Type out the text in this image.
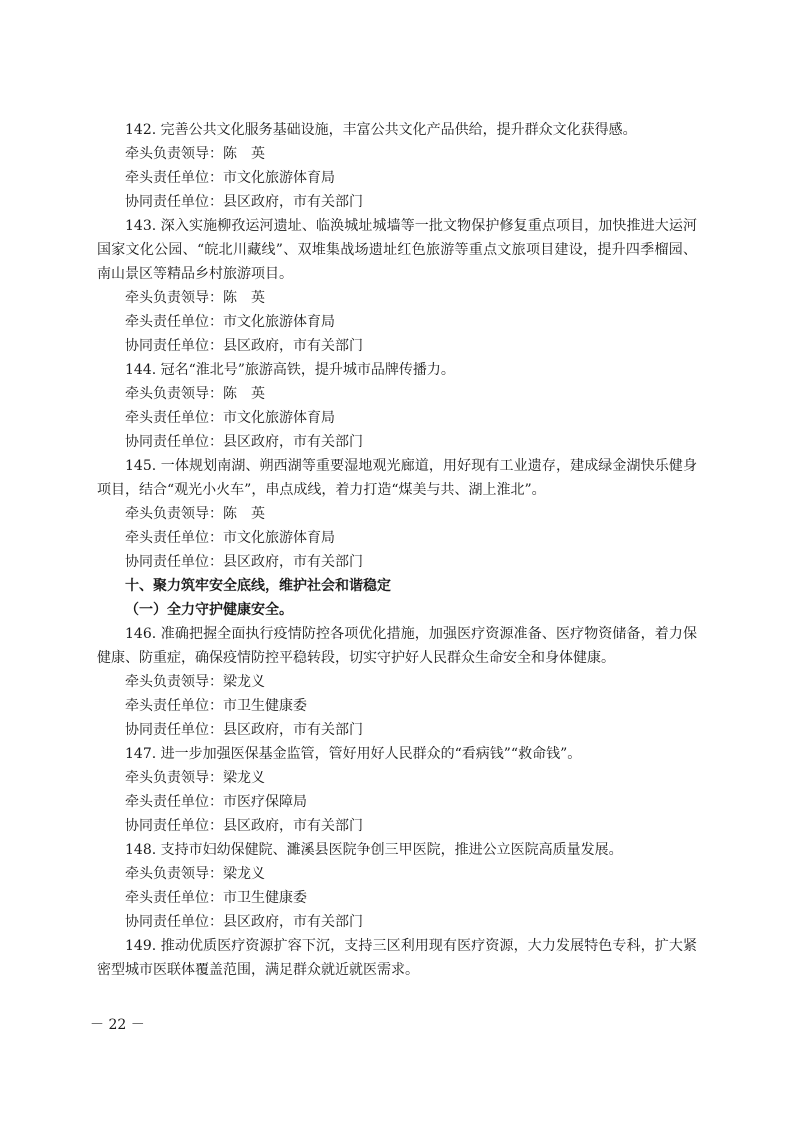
142. 完善公共文化服务基础设施，丰富公共文化产品供给，提升群众文化获得感。
牵头负责领导：陈　英
牵头责任单位：市文化旅游体育局
协同责任单位：县区政府，市有关部门
143. 深入实施柳孜运河遗址、临涣城址城墙等一批文物保护修复重点项目，加快推进大运河国家文化公园、“皖北川藏线”、双堆集战场遗址红色旅游等重点文旅项目建设，提升四季榴园、南山景区等精品乡村旅游项目。
牵头负责领导：陈　英
牵头责任单位：市文化旅游体育局
协同责任单位：县区政府，市有关部门
144. 冠名“淮北号”旅游高铁，提升城市品牌传播力。
牵头负责领导：陈　英
牵头责任单位：市文化旅游体育局
协同责任单位：县区政府，市有关部门
145. 一体规划南湖、朔西湖等重要湿地观光廊道，用好现有工业遗存，建成绿金湖快乐健身项目，结合“观光小火车”，串点成线，着力打造“煤美与共、湖上淮北”。
牵头负责领导：陈　英
牵头责任单位：市文化旅游体育局
协同责任单位：县区政府，市有关部门
十、聚力筑牢安全底线，维护社会和谐稳定
（一）全力守护健康安全。
146. 准确把握全面执行疫情防控各项优化措施，加强医疗资源准备、医疗物资储备，着力保健康、防重症，确保疫情防控平稳转段，切实守护好人民群众生命安全和身体健康。
牵头负责领导：梁龙义
牵头责任单位：市卫生健康委
协同责任单位：县区政府，市有关部门
147. 进一步加强医保基金监管，管好用好人民群众的“看病钱”“救命钱”。
牵头负责领导：梁龙义
牵头责任单位：市医疗保障局
协同责任单位：县区政府，市有关部门
148. 支持市妇幼保健院、濉溪县医院争创三甲医院，推进公立医院高质量发展。
牵头负责领导：梁龙义
牵头责任单位：市卫生健康委
协同责任单位：县区政府，市有关部门
149. 推动优质医疗资源扩容下沉，支持三区利用现有医疗资源，大力发展特色专科，扩大紧密型城市医联体覆盖范围，满足群众就近就医需求。
－ 22 －
